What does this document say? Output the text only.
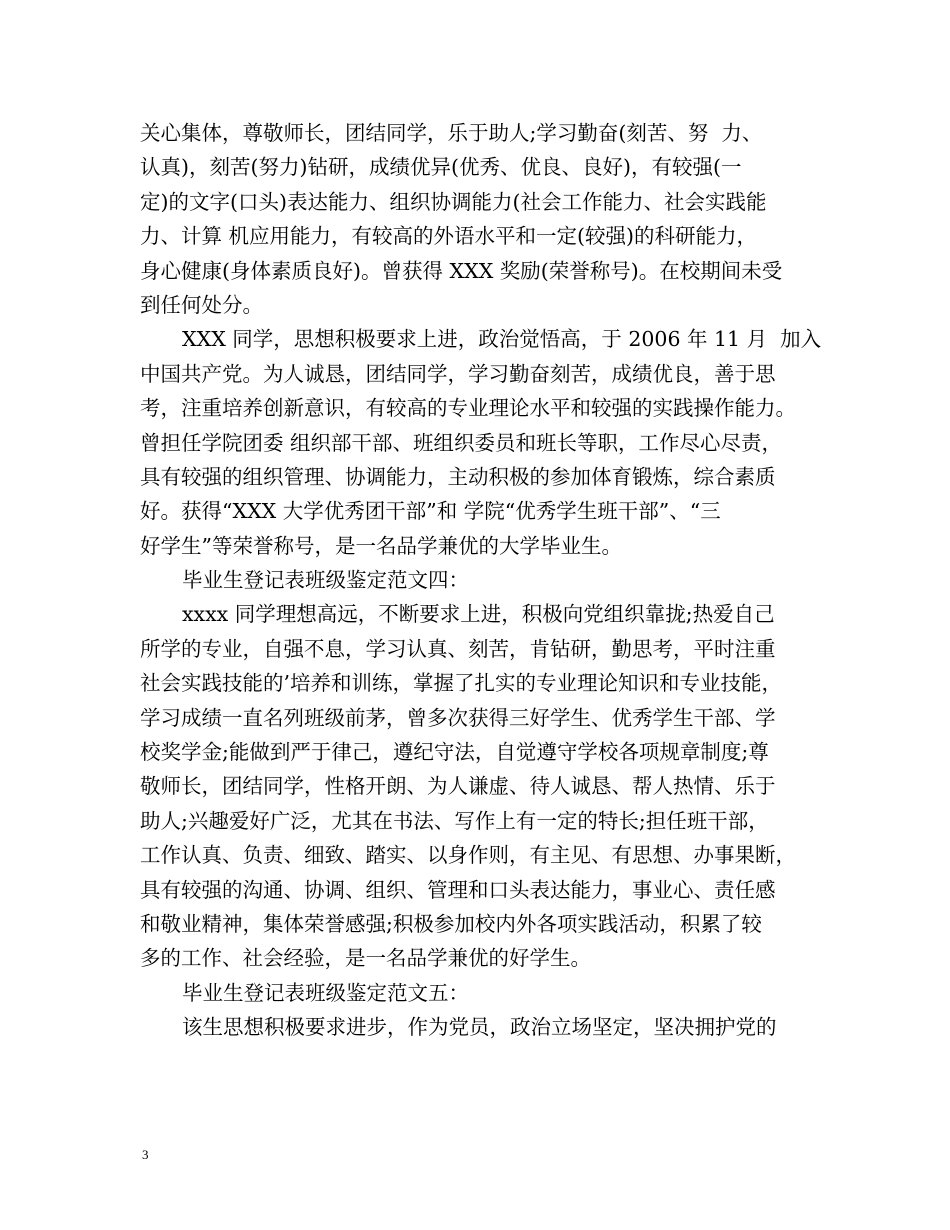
关心集体，尊敬师长，团结同学，乐于助人;学习勤奋(刻苦、努  力、
认真)，刻苦(努力)钻研，成绩优异(优秀、优良、良好)，有较强(一
定)的文字(口头)表达能力、组织协调能力(社会工作能力、社会实践能
力、计算 机应用能力，有较高的外语水平和一定(较强)的科研能力，
身心健康(身体素质良好)。曾获得 XXX 奖励(荣誉称号)。在校期间未受
到任何处分。
XXX 同学，思想积极要求上进，政治觉悟高，于 2006 年 11 月  加入
中国共产党。为人诚恳，团结同学，学习勤奋刻苦，成绩优良，善于思
考，注重培养创新意识，有较高的专业理论水平和较强的实践操作能力。
曾担任学院团委 组织部干部、班组织委员和班长等职，工作尽心尽责，
具有较强的组织管理、协调能力，主动积极的参加体育锻炼，综合素质
好。获得“XXX 大学优秀团干部”和 学院“优秀学生班干部”、“三
好学生”等荣誉称号，是一名品学兼优的大学毕业生。
毕业生登记表班级鉴定范文四：
xxxx 同学理想高远，不断要求上进，积极向党组织靠拢;热爱自己
所学的专业，自强不息，学习认真、刻苦，肯钻研，勤思考，平时注重
社会实践技能的’培养和训练，掌握了扎实的专业理论知识和专业技能，
学习成绩一直名列班级前茅，曾多次获得三好学生、优秀学生干部、学
校奖学金;能做到严于律己，遵纪守法，自觉遵守学校各项规章制度;尊
敬师长，团结同学，性格开朗、为人谦虚、待人诚恳、帮人热情、乐于
助人;兴趣爱好广泛，尤其在书法、写作上有一定的特长;担任班干部，
工作认真、负责、细致、踏实、以身作则，有主见、有思想、办事果断，
具有较强的沟通、协调、组织、管理和口头表达能力，事业心、责任感
和敬业精神，集体荣誉感强;积极参加校内外各项实践活动，积累了较
多的工作、社会经验，是一名品学兼优的好学生。
毕业生登记表班级鉴定范文五：
该生思想积极要求进步，作为党员，政治立场坚定，坚决拥护党的
3
